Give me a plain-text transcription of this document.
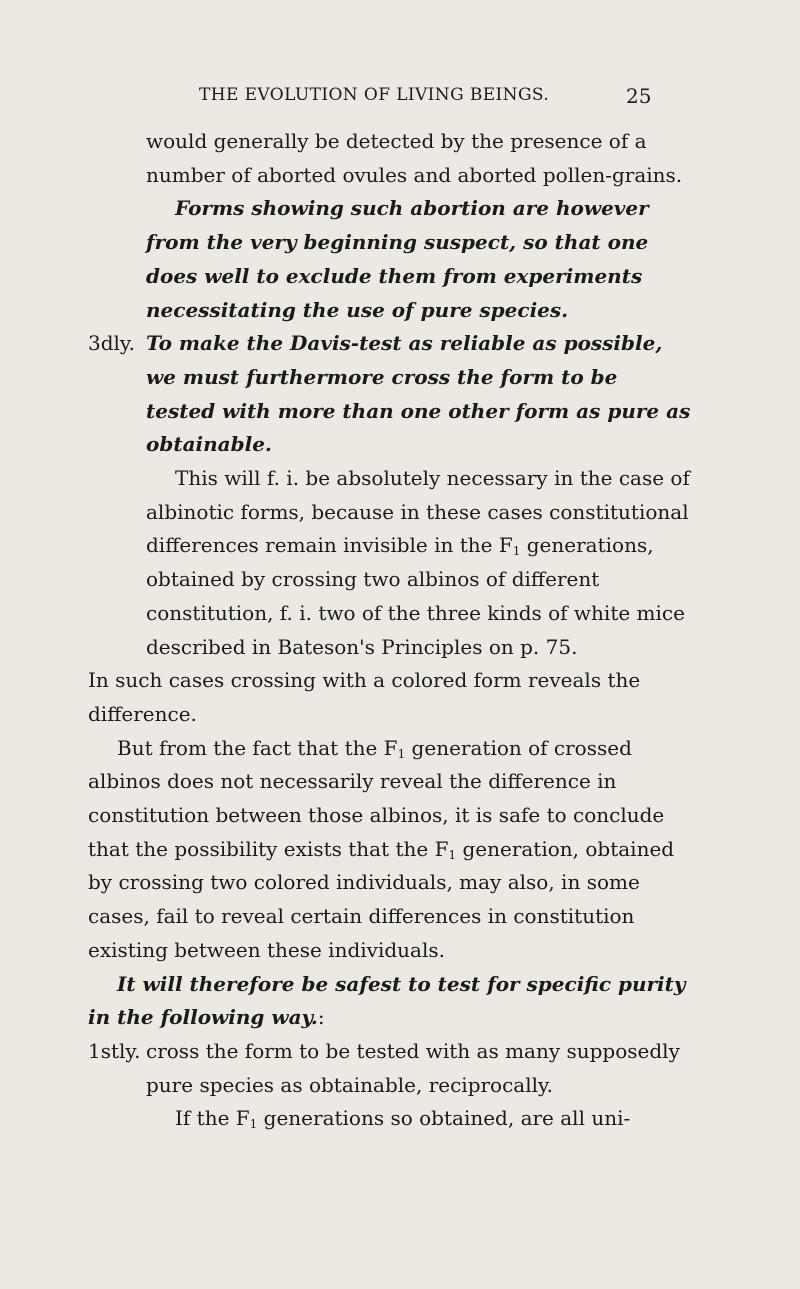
THE EVOLUTION OF LIVING BEINGS.	25

would generally be detected by the presence of a number of aborted ovules and aborted pollen-grains.

Forms showing such abortion are however from the very beginning suspect, so that one does well to exclude them from experiments necessitating the use of pure species.

3dly. To make the Davis-test as reliable as possible, we must furthermore cross the form to be tested with more than one other form as pure as obtainable.

This will f. i. be absolutely necessary in the case of albinotic forms, because in these cases constitutional differences remain invisible in the $F_1$ generations, obtained by crossing two albinos of different constitution, f. i. two of the three kinds of white mice described in Bateson's Principles on p. 75.

In such cases crossing with a colored form reveals the difference.

But from the fact that the $F_1$ generation of crossed albinos does not necessarily reveal the difference in constitution between those albinos, it is safe to conclude that the possibility exists that the $F_1$ generation, obtained by crossing two colored individuals, may also, in some cases, fail to reveal certain differences in constitution existing between these individuals.

It will therefore be safest to test for specific purity in the following way.:

1stly. cross the form to be tested with as many supposedly pure species as obtainable, reciprocally.

If the $F_1$ generations so obtained, are all uni-
